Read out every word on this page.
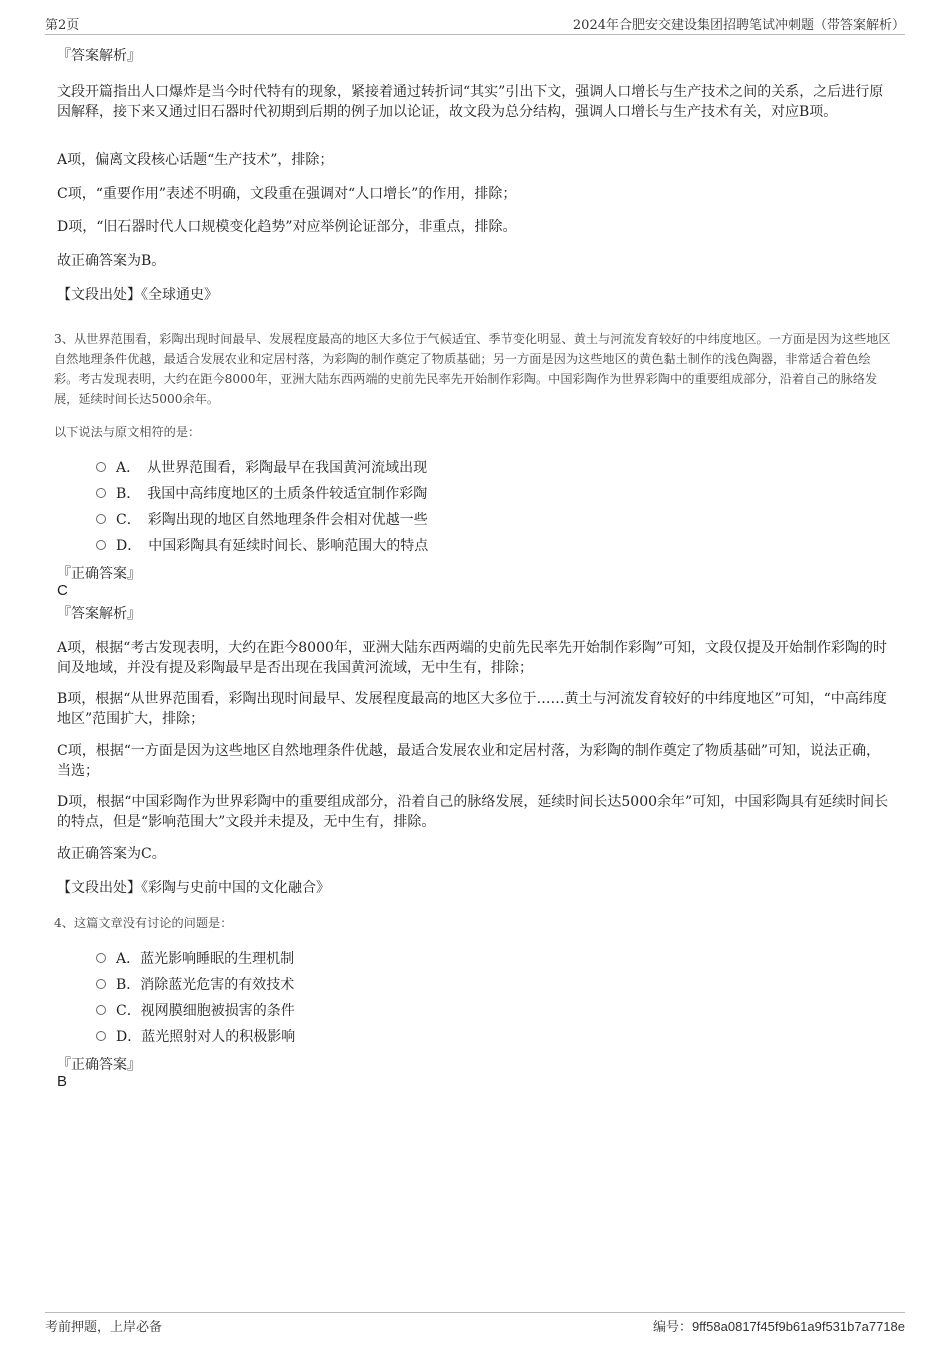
第2页	2024年合肥安交建设集团招聘笔试冲刺题（带答案解析）
『答案解析』
文段开篇指出人口爆炸是当今时代特有的现象，紧接着通过转折词“其实”引出下文，强调人口增长与生产技术之间的关系，之后进行原因解释，接下来又通过旧石器时代初期到后期的例子加以论证，故文段为总分结构，强调人口增长与生产技术有关，对应B项。
A项，偏离文段核心话题“生产技术”，排除；
C项，“重要作用”表述不明确，文段重在强调对“人口增长”的作用，排除；
D项，“旧石器时代人口规模变化趋势”对应举例论证部分，非重点，排除。
故正确答案为B。
【文段出处】《全球通史》
3、从世界范围看，彩陶出现时间最早、发展程度最高的地区大多位于气候适宜、季节变化明显、黄土与河流发育较好的中纬度地区。一方面是因为这些地区自然地理条件优越，最适合发展农业和定居村落，为彩陶的制作奠定了物质基础；另一方面是因为这些地区的黄色黏土制作的浅色陶器，非常适合着色绘彩。考古发现表明，大约在距今8000年，亚洲大陆东西两端的史前先民率先开始制作彩陶。中国彩陶作为世界彩陶中的重要组成部分，沿着自己的脉络发展，延续时间长达5000余年。
以下说法与原文相符的是：
A．　从世界范围看，彩陶最早在我国黄河流域出现
B．　我国中高纬度地区的土质条件较适宜制作彩陶
C．　彩陶出现的地区自然地理条件会相对优越一些
D．　中国彩陶具有延续时间长、影响范围大的特点
『正确答案』
C
『答案解析』
A项，根据“考古发现表明，大约在距今8000年，亚洲大陆东西两端的史前先民率先开始制作彩陶”可知，文段仅提及开始制作彩陶的时间及地域，并没有提及彩陶最早是否出现在我国黄河流域，无中生有，排除；
B项，根据“从世界范围看，彩陶出现时间最早、发展程度最高的地区大多位于……黄土与河流发育较好的中纬度地区”可知，“中高纬度地区”范围扩大，排除；
C项，根据“一方面是因为这些地区自然地理条件优越，最适合发展农业和定居村落，为彩陶的制作奠定了物质基础”可知，说法正确，当选；
D项，根据“中国彩陶作为世界彩陶中的重要组成部分，沿着自己的脉络发展，延续时间长达5000余年”可知，中国彩陶具有延续时间长的特点，但是“影响范围大”文段并未提及，无中生有，排除。
故正确答案为C。
【文段出处】《彩陶与史前中国的文化融合》
4、这篇文章没有讨论的问题是：
A．蓝光影响睡眠的生理机制
B．消除蓝光危害的有效技术
C．视网膜细胞被损害的条件
D．蓝光照射对人的积极影响
『正确答案』
B
考前押题，上岸必备	编号：9ff58a0817f45f9b61a9f531b7a7718e
